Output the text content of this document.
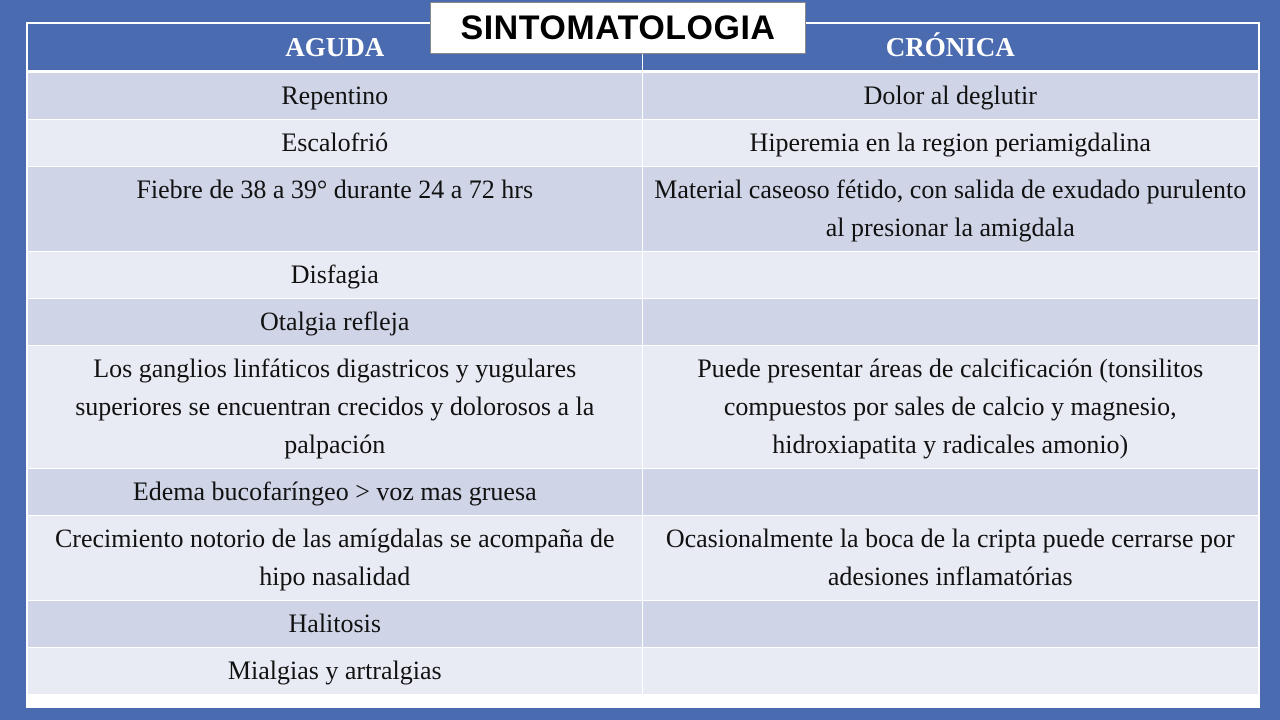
AGUDA	CRÓNICA
Repentino	Dolor al deglutir
Escalofrió	Hiperemia en la region periamigdalina
Fiebre de 38 a 39° durante 24 a 72 hrs	Material caseoso fétido, con salida de exudado purulento al presionar la amigdala
Disfagia	
Otalgia refleja	
Los ganglios linfáticos digastricos y yugulares superiores se encuentran crecidos y dolorosos a la palpación	Puede presentar áreas de calcificación (tonsilitos compuestos por sales de calcio y magnesio, hidroxiapatita y radicales amonio)
Edema bucofaríngeo > voz mas gruesa	
Crecimiento notorio de las amígdalas se acompaña de hipo nasalidad	Ocasionalmente la boca de la cripta puede cerrarse por adesiones inflamatórias
Halitosis	
Mialgias y artralgias	
SINTOMATOLOGIA
